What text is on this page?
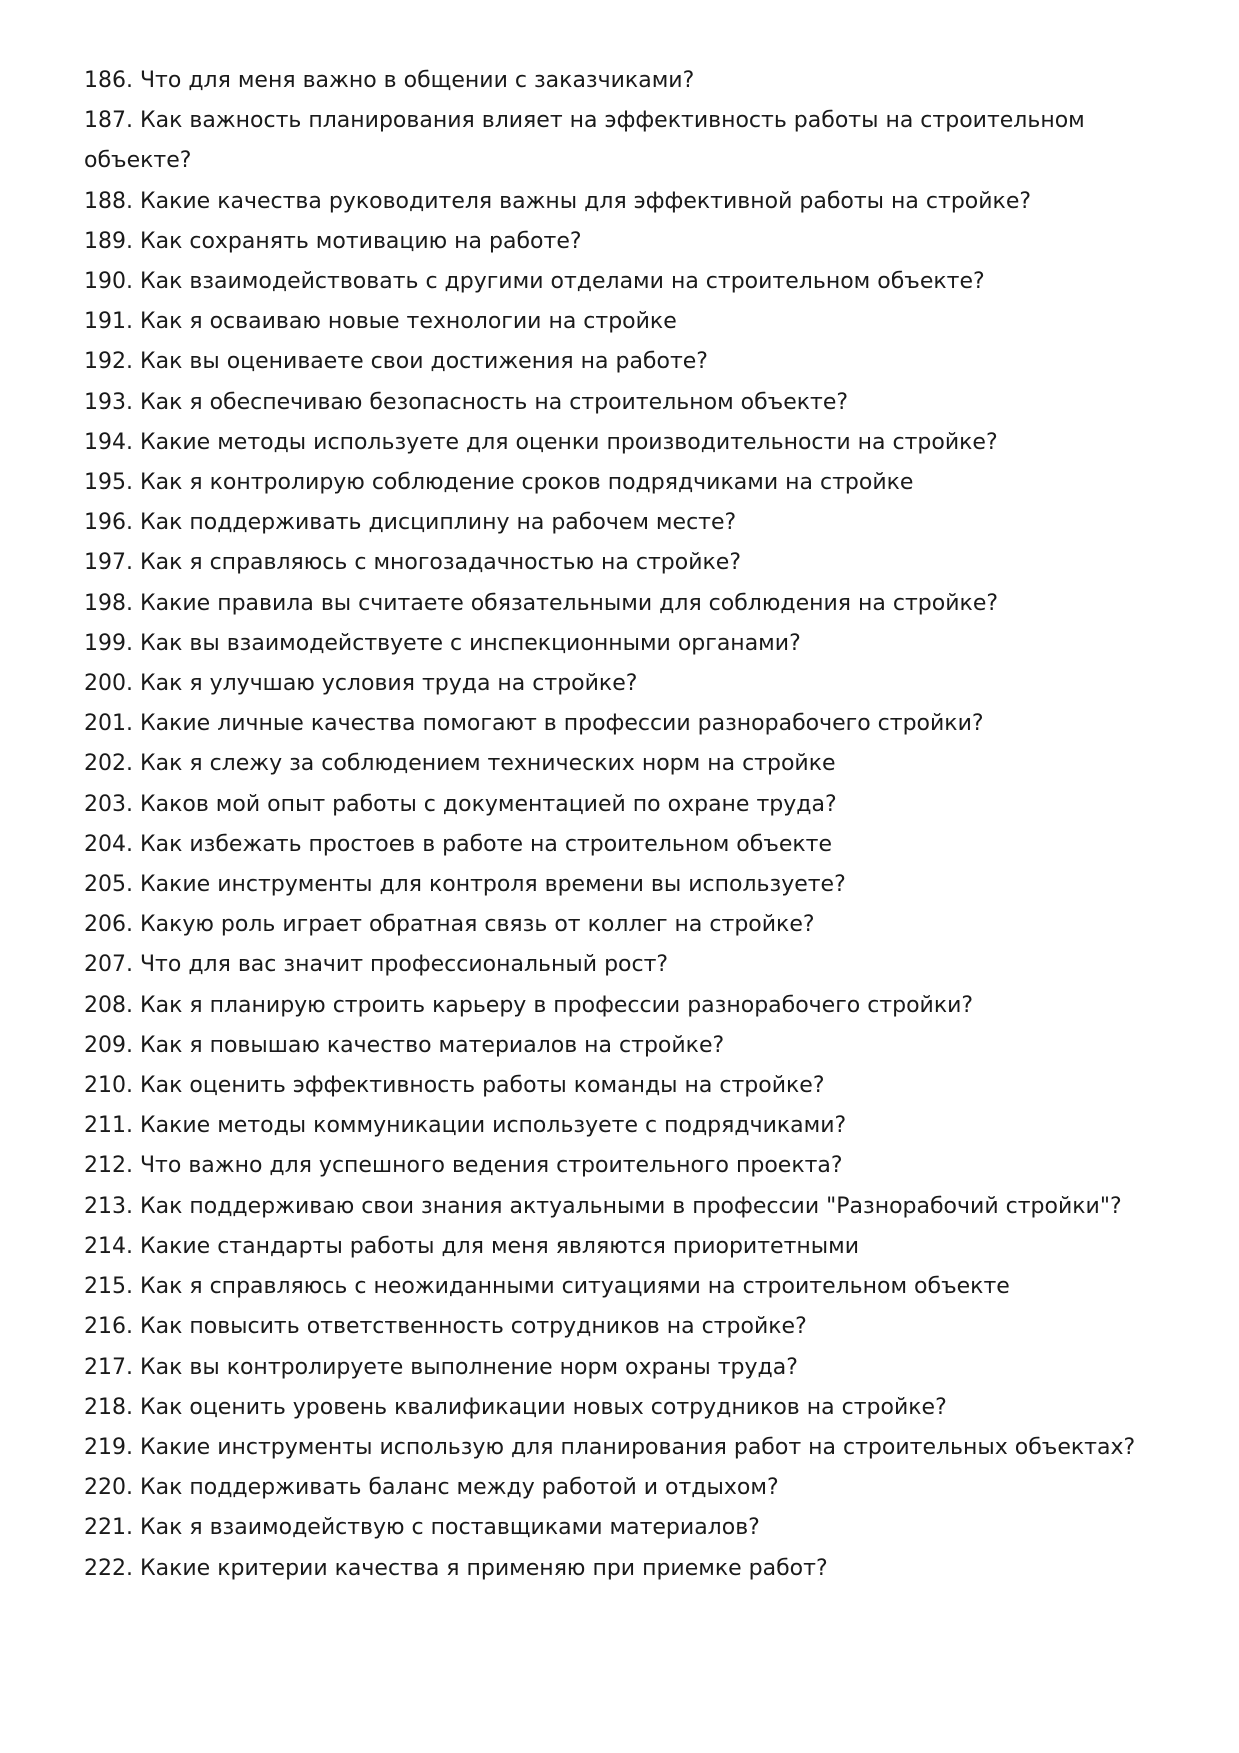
186. Что для меня важно в общении с заказчиками?
187. Как важность планирования влияет на эффективность работы на строительном объекте?
188. Какие качества руководителя важны для эффективной работы на стройке?
189. Как сохранять мотивацию на работе?
190. Как взаимодействовать с другими отделами на строительном объекте?
191. Как я осваиваю новые технологии на стройке
192. Как вы оцениваете свои достижения на работе?
193. Как я обеспечиваю безопасность на строительном объекте?
194. Какие методы используете для оценки производительности на стройке?
195. Как я контролирую соблюдение сроков подрядчиками на стройке
196. Как поддерживать дисциплину на рабочем месте?
197. Как я справляюсь с многозадачностью на стройке?
198. Какие правила вы считаете обязательными для соблюдения на стройке?
199. Как вы взаимодействуете с инспекционными органами?
200. Как я улучшаю условия труда на стройке?
201. Какие личные качества помогают в профессии разнорабочего стройки?
202. Как я слежу за соблюдением технических норм на стройке
203. Каков мой опыт работы с документацией по охране труда?
204. Как избежать простоев в работе на строительном объекте
205. Какие инструменты для контроля времени вы используете?
206. Какую роль играет обратная связь от коллег на стройке?
207. Что для вас значит профессиональный рост?
208. Как я планирую строить карьеру в профессии разнорабочего стройки?
209. Как я повышаю качество материалов на стройке?
210. Как оценить эффективность работы команды на стройке?
211. Какие методы коммуникации используете с подрядчиками?
212. Что важно для успешного ведения строительного проекта?
213. Как поддерживаю свои знания актуальными в профессии "Разнорабочий стройки"?
214. Какие стандарты работы для меня являются приоритетными
215. Как я справляюсь с неожиданными ситуациями на строительном объекте
216. Как повысить ответственность сотрудников на стройке?
217. Как вы контролируете выполнение норм охраны труда?
218. Как оценить уровень квалификации новых сотрудников на стройке?
219. Какие инструменты использую для планирования работ на строительных объектах?
220. Как поддерживать баланс между работой и отдыхом?
221. Как я взаимодействую с поставщиками материалов?
222. Какие критерии качества я применяю при приемке работ?
